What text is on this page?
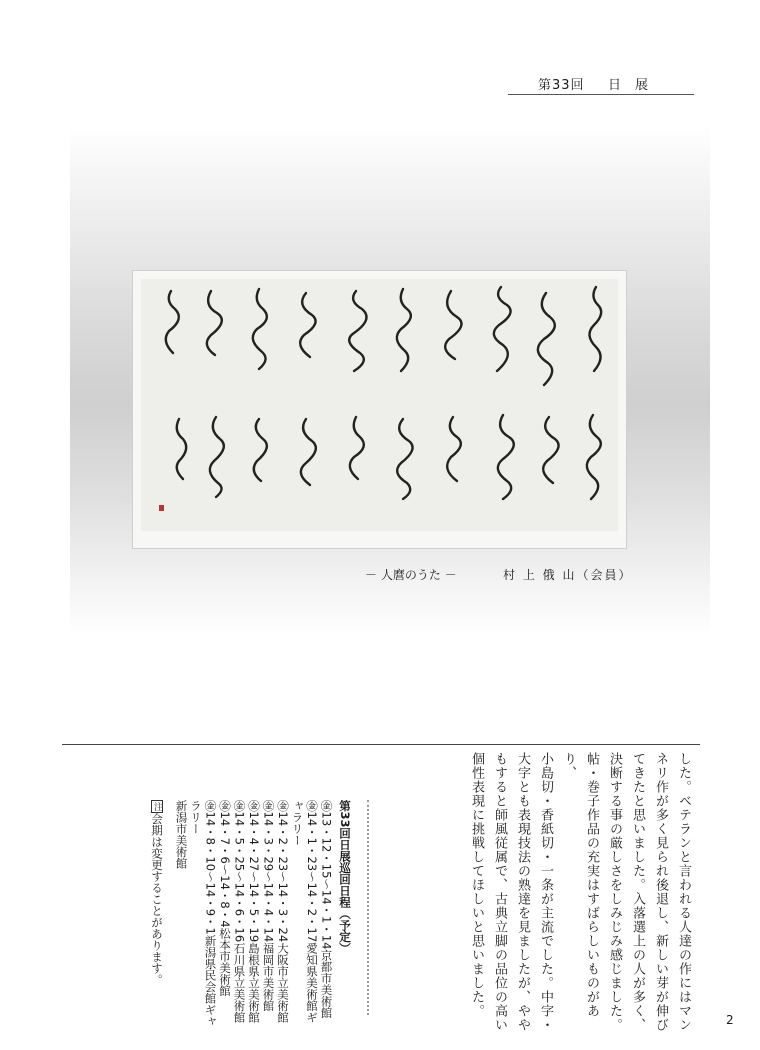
第33回 日展
－ 人麿のうた －	村 上 俄 山（会員）

した。ベテランと言われる人達の作にはマン

ネリ作が多く見られ後退し、新しい芽が伸び

てきたと思いました。入落選上の人が多く、

決断する事の厳しさをしみじみ感じました。

帖・巻子作品の充実はすばらしいものがあり、

小島切・香紙切・一条が主流でした。中字・

大字とも表現技法の熟達を見ましたが、やや

もすると師風従属で、古典立脚の品位の高い

個性表現に挑戦してほしいと思いました。

第33回日展巡回日程（予定）
㊎13・12・15〜14・1・14京都市美術館
㊎14・1・23〜14・2・17愛知県美術館ギャラリー
㊎14・2・23〜14・3・24大阪市立美術館
㊎14・3・29〜14・4・14福岡市美術館
㊎14・4・27〜14・5・19島根県立美術館
㊎14・5・25〜14・6・16石川県立美術館
㊎14・7・6〜14・8・4松本市美術館
㊎14・8・10〜14・9・1新潟県民会館ギャラリー
新潟市美術館
注会期は変更することがあります。
2
